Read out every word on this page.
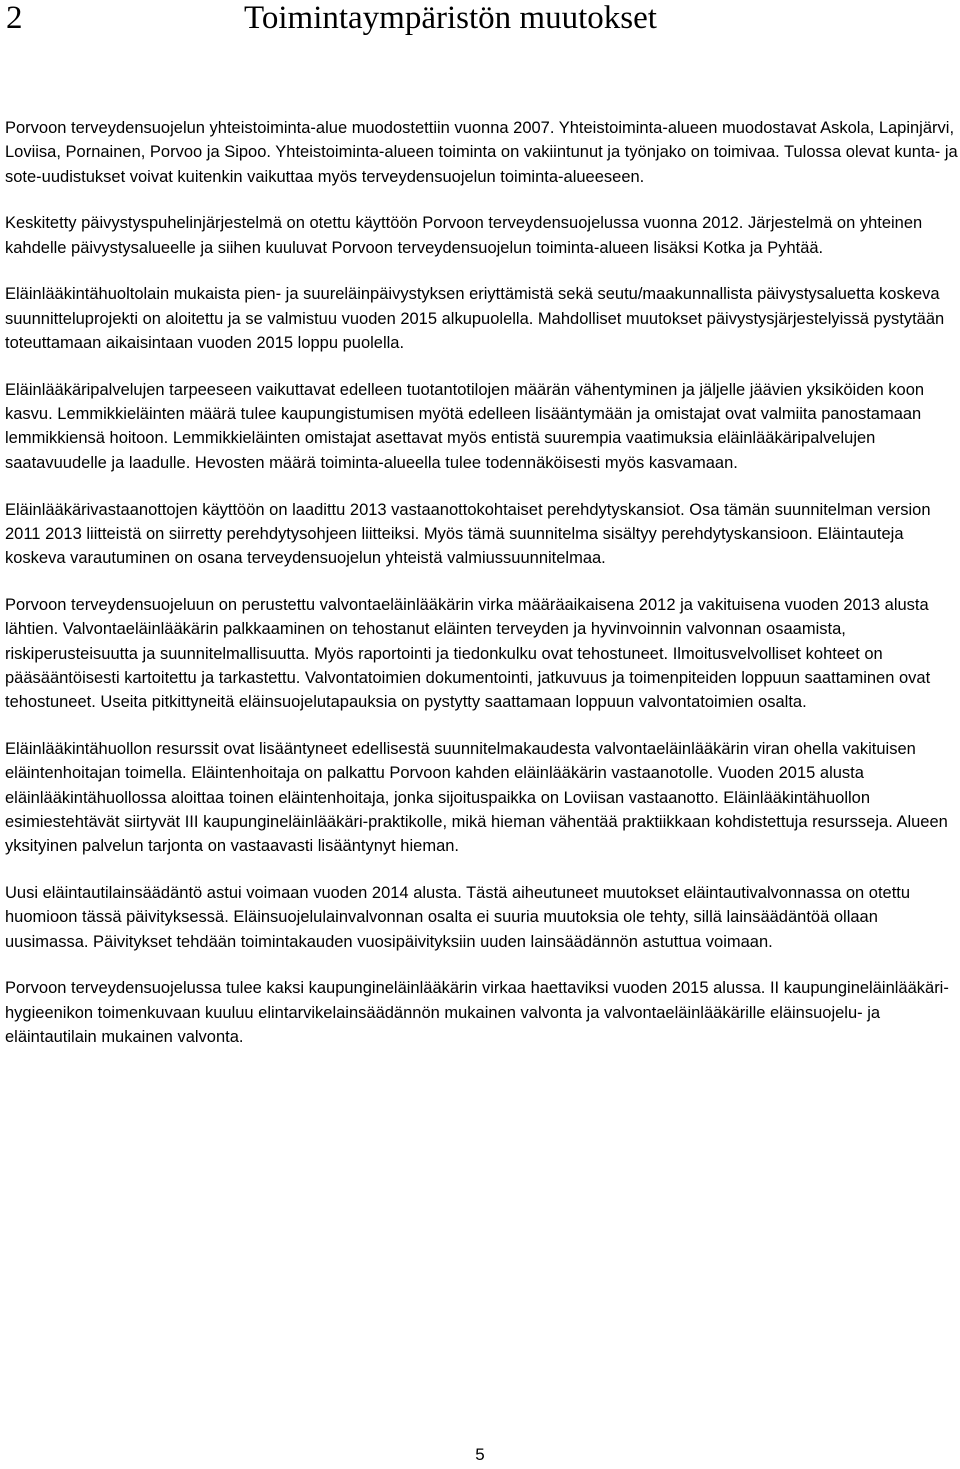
2	Toimintaympäristön muutokset

Porvoon terveydensuojelun yhteistoiminta-alue muodostettiin vuonna 2007. Yhteistoiminta-alueen muodostavat Askola, Lapinjärvi, Loviisa, Pornainen, Porvoo ja Sipoo. Yhteistoiminta-alueen toiminta on vakiintunut ja työnjako on toimivaa. Tulossa olevat kunta- ja sote-uudistukset voivat kuitenkin vaikuttaa myös terveydensuojelun toiminta-alueeseen.

Keskitetty päivystyspuhelinjärjestelmä on otettu käyttöön Porvoon terveydensuojelussa vuonna 2012. Järjestelmä on yhteinen kahdelle päivystysalueelle ja siihen kuuluvat Porvoon terveydensuojelun toiminta-alueen lisäksi Kotka ja Pyhtää.

Eläinlääkintähuoltolain mukaista pien- ja suureläinpäivystyksen eriyttämistä sekä seutu/maakunnallista päivystysaluetta koskeva suunnitteluprojekti on aloitettu ja se valmistuu vuoden 2015 alkupuolella. Mahdolliset muutokset päivystysjärjestelyissä pystytään toteuttamaan aikaisintaan vuoden 2015 loppu puolella.

Eläinlääkäripalvelujen tarpeeseen vaikuttavat edelleen tuotantotilojen määrän vähentyminen ja jäljelle jäävien yksiköiden koon kasvu. Lemmikkieläinten määrä tulee kaupungistumisen myötä edelleen lisääntymään ja omistajat ovat valmiita panostamaan lemmikkiensä hoitoon. Lemmikkieläinten omistajat asettavat myös entistä suurempia vaatimuksia eläinlääkäripalvelujen saatavuudelle ja laadulle. Hevosten määrä toiminta-alueella tulee todennäköisesti myös kasvamaan.

Eläinlääkärivastaanottojen käyttöön on laadittu 2013 vastaanottokohtaiset perehdytyskansiot. Osa tämän suunnitelman version 2011 2013 liitteistä on siirretty perehdytysohjeen liitteiksi. Myös tämä suunnitelma sisältyy perehdytyskansioon. Eläintauteja koskeva varautuminen on osana terveydensuojelun yhteistä valmiussuunnitelmaa.

Porvoon terveydensuojeluun on perustettu valvontaeläinlääkärin virka määräaikaisena 2012 ja vakituisena vuoden 2013 alusta lähtien. Valvontaeläinlääkärin palkkaaminen on tehostanut eläinten terveyden ja hyvinvoinnin valvonnan osaamista, riskiperusteisuutta ja suunnitelmallisuutta. Myös raportointi ja tiedonkulku ovat tehostuneet. Ilmoitusvelvolliset kohteet on pääsääntöisesti kartoitettu ja tarkastettu. Valvontatoimien dokumentointi, jatkuvuus ja toimenpiteiden loppuun saattaminen ovat tehostuneet. Useita pitkittyneitä eläinsuojelutapauksia on pystytty saattamaan loppuun valvontatoimien osalta.

Eläinlääkintähuollon resurssit ovat lisääntyneet edellisestä suunnitelmakaudesta valvontaeläinlääkärin viran ohella vakituisen eläintenhoitajan toimella. Eläintenhoitaja on palkattu Porvoon kahden eläinlääkärin vastaanotolle. Vuoden 2015 alusta eläinlääkintähuollossa aloittaa toinen eläintenhoitaja, jonka sijoituspaikka on Loviisan vastaanotto. Eläinlääkintähuollon esimiestehtävät siirtyvät III kaupungineläinlääkäri-praktikolle, mikä hieman vähentää praktiikkaan kohdistettuja resursseja. Alueen yksityinen palvelun tarjonta on vastaavasti lisääntynyt hieman.

Uusi eläintautilainsäädäntö astui voimaan vuoden 2014 alusta. Tästä aiheutuneet muutokset eläintautivalvonnassa on otettu huomioon tässä päivityksessä. Eläinsuojelulainvalvonnan osalta ei suuria muutoksia ole tehty, sillä lainsäädäntöä ollaan uusimassa. Päivitykset tehdään toimintakauden vuosipäivityksiin uuden lainsäädännön astuttua voimaan.

Porvoon terveydensuojelussa tulee kaksi kaupungineläinlääkärin virkaa haettaviksi vuoden 2015 alussa. II kaupungineläinlääkäri-hygieenikon toimenkuvaan kuuluu elintarvikelainsäädännön mukainen valvonta ja valvontaeläinlääkärille eläinsuojelu- ja eläintautilain mukainen valvonta.

5
